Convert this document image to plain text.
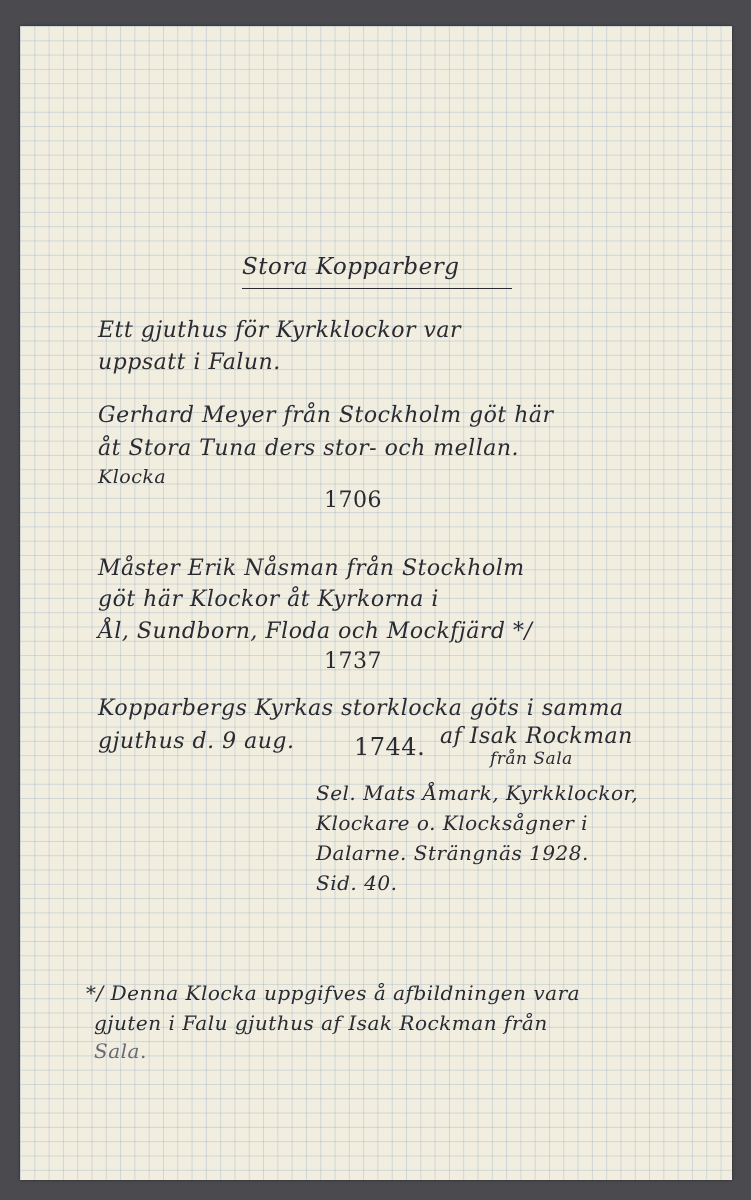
Stora Kopparberg
Ett gjuthus för Kyrkklockor var
uppsatt i Falun.
Gerhard Meyer från Stockholm göt här
åt Stora Tuna ders stor- och mellan.
Klocka
1706
Måster Erik Nåsman från Stockholm
göt här Klockor åt Kyrkorna i
Ål, Sundborn, Floda och Mockfjärd */
1737
Kopparbergs Kyrkas storklocka göts i samma
gjuthus d. 9 aug. 1744. af Isak Rockman
från Sala
Sel. Mats Åmark, Kyrkklockor,
Klockare o. Klocksågner i
Dalarne. Strängnäs 1928.
Sid. 40.
*/ Denna Klocka uppgifves å afbildningen vara
gjuten i Falu gjuthus af Isak Rockman från
Sala.
